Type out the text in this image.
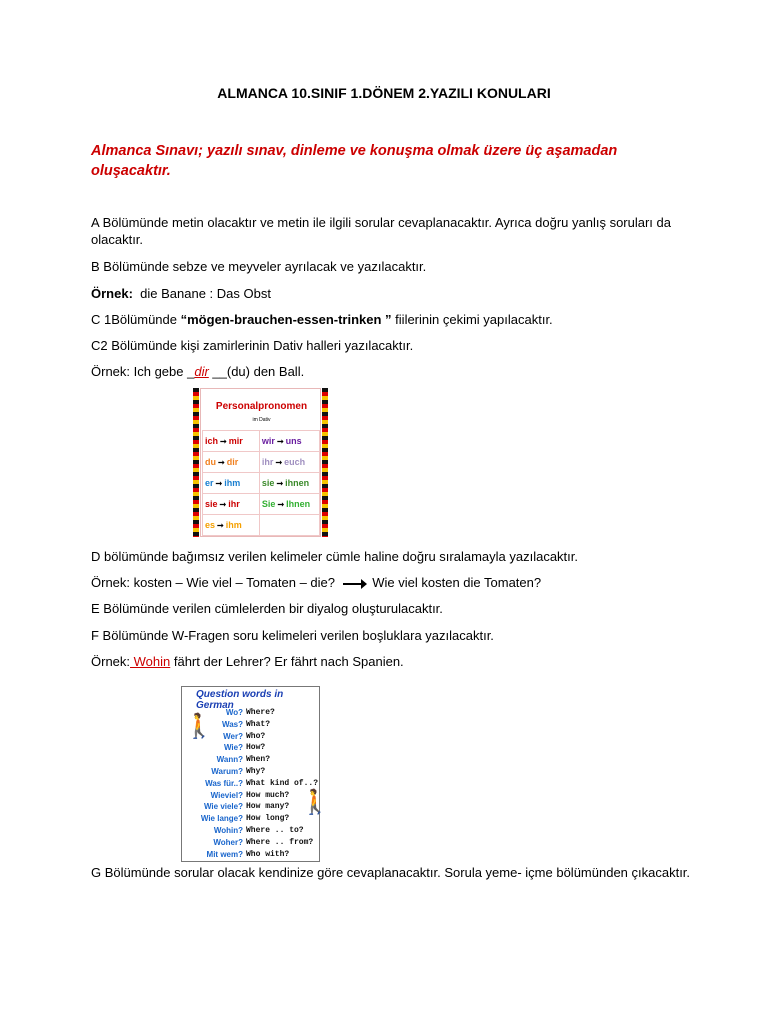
ALMANCA 10.SINIF 1.DÖNEM 2.YAZILI KONULARI
Almanca Sınavı; yazılı sınav, dinleme ve konuşma olmak üzere üç aşamadan oluşacaktır.
A Bölümünde metin olacaktır ve metin ile ilgili sorular cevaplanacaktır. Ayrıca doğru yanlış soruları da olacaktır.
B Bölümünde sebze ve meyveler ayrılacak ve yazılacaktır.
Örnek: die Banane : Das Obst
C 1Bölümünde “mögen-brauchen-essen-trinken ” fiilerinin çekimi yapılacaktır.
C2 Bölümünde kişi zamirlerinin Dativ halleri yazılacaktır.
Örnek: Ich gebe _dir __(du) den Ball.
Personalpronomen
im Dativ
ich ➞ mir	wir ➞ uns
du ➞ dir	ihr ➞ euch
er ➞ ihm	sie ➞ ihnen
sie ➞ ihr	Sie ➞ Ihnen
es ➞ ihm	
D bölümünde bağımsız verilen kelimeler cümle haline doğru sıralamayla yazılacaktır.
Örnek: kosten – Wie viel – Tomaten – die?	Wie viel kosten die Tomaten?
E Bölümünde verilen cümlelerden bir diyalog oluşturulacaktır.
F Bölümünde W-Fragen soru kelimeleri verilen boşluklara yazılacaktır.
Örnek: Wohin fährt der Lehrer? Er fährt nach Spanien.
Question words in German
🚶
🚶
Wo? Where?
Was? What?
Wer? Who?
Wie? How?
Wann? When?
Warum? Why?
Was für..? What kind of..?
Wieviel? How much?
Wie viele? How many?
Wie lange? How long?
Wohin? Where .. to?
Woher? Where .. from?
Mit wem? Who with?
G Bölümünde sorular olacak kendinize göre cevaplanacaktır. Sorula yeme- içme bölümünden çıkacaktır.
